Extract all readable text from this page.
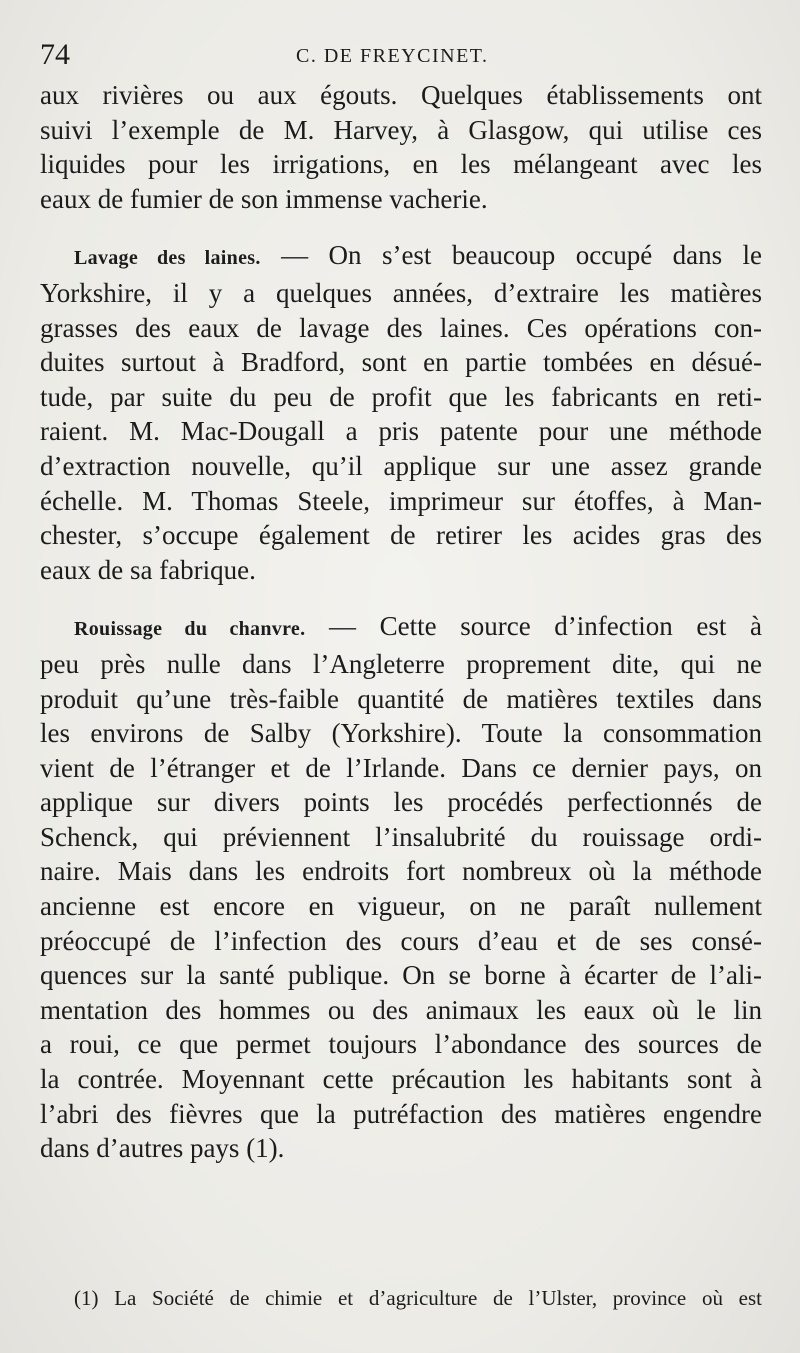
74	C. DE FREYCINET.
aux rivières ou aux égouts. Quelques établissements ont
suivi l’exemple de M. Harvey, à Glasgow, qui utilise ces
liquides pour les irrigations, en les mélangeant avec les
eaux de fumier de son immense vacherie.
Lavage des laines. — On s’est beaucoup occupé dans le
Yorkshire, il y a quelques années, d’extraire les matières
grasses des eaux de lavage des laines. Ces opérations con-
duites surtout à Bradford, sont en partie tombées en désué-
tude, par suite du peu de profit que les fabricants en reti-
raient. M. Mac-Dougall a pris patente pour une méthode
d’extraction nouvelle, qu’il applique sur une assez grande
échelle. M. Thomas Steele, imprimeur sur étoffes, à Man-
chester, s’occupe également de retirer les acides gras des
eaux de sa fabrique.
Rouissage du chanvre. — Cette source d’infection est à
peu près nulle dans l’Angleterre proprement dite, qui ne
produit qu’une très-faible quantité de matières textiles dans
les environs de Salby (Yorkshire). Toute la consommation
vient de l’étranger et de l’Irlande. Dans ce dernier pays, on
applique sur divers points les procédés perfectionnés de
Schenck, qui préviennent l’insalubrité du rouissage ordi-
naire. Mais dans les endroits fort nombreux où la méthode
ancienne est encore en vigueur, on ne paraît nullement
préoccupé de l’infection des cours d’eau et de ses consé-
quences sur la santé publique. On se borne à écarter de l’ali-
mentation des hommes ou des animaux les eaux où le lin
a roui, ce que permet toujours l’abondance des sources de
la contrée. Moyennant cette précaution les habitants sont à
l’abri des fièvres que la putréfaction des matières engendre
dans d’autres pays (1).
(1) La Société de chimie et d’agriculture de l’Ulster, province où est
